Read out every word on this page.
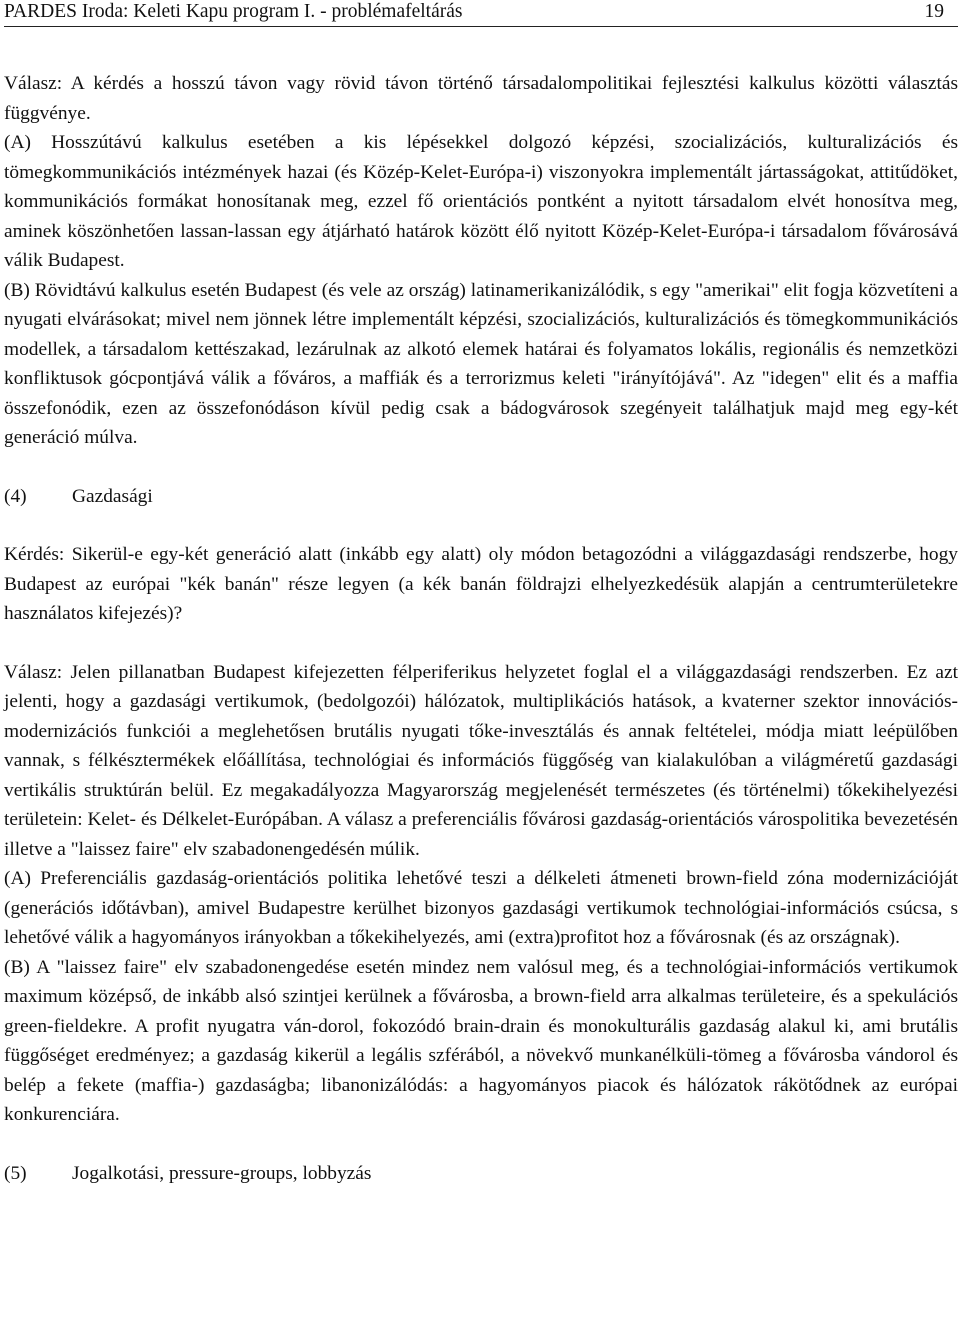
PARDES Iroda: Keleti Kapu program I. - problémafeltárás	19

Válasz: A kérdés a hosszú távon vagy rövid távon történő társadalompolitikai fejlesztési kalkulus közötti választás függvénye.

(A) Hosszútávú kalkulus esetében a kis lépésekkel dolgozó képzési, szocializációs, kulturalizációs és tömegkommunikációs intézmények hazai (és Közép-Kelet-Európa-i) viszonyokra implementált jártasságokat, attitűdöket, kommunikációs formákat honosítanak meg, ezzel fő orientációs pontként a nyitott társadalom elvét honosítva meg, aminek köszönhetően lassan-lassan egy átjárható határok között élő nyitott Közép-Kelet-Európa-i társadalom fővárosává válik Budapest.

(B) Rövidtávú kalkulus esetén Budapest (és vele az ország) latinamerikanizálódik, s egy "amerikai" elit fogja közvetíteni a nyugati elvárásokat; mivel nem jönnek létre implementált képzési, szocializációs, kulturalizációs és tömegkommunikációs modellek, a társadalom kettészakad, lezárulnak az alkotó elemek határai és folyamatos lokális, regionális és nemzetközi konfliktusok gócpontjává válik a főváros, a maffiák és a terrorizmus keleti "irányítójává". Az "idegen" elit és a maffia összefonódik, ezen az összefonódáson kívül pedig csak a bádogvárosok szegényeit találhatjuk majd meg egy-két generáció múlva.

(4) Gazdasági

Kérdés: Sikerül-e egy-két generáció alatt (inkább egy alatt) oly módon betagozódni a világgazdasági rendszerbe, hogy Budapest az európai "kék banán" része legyen (a kék banán földrajzi elhelyezkedésük alapján a centrumterületekre használatos kifejezés)?

Válasz: Jelen pillanatban Budapest kifejezetten félperiferikus helyzetet foglal el a világgazdasági rendszerben. Ez azt jelenti, hogy a gazdasági vertikumok, (bedolgozói) hálózatok, multiplikációs hatások, a kvaterner szektor innovációs-modernizációs funkciói a meglehetősen brutális nyugati tőke-invesztálás és annak feltételei, módja miatt leépülőben vannak, s félkésztermékek előállítása, technológiai és információs függőség van kialakulóban a világméretű gazdasági vertikális struktúrán belül. Ez megakadályozza Magyarország megjelenését természetes (és történelmi) tőkekihelyezési területein: Kelet- és Délkelet-Európában. A válasz a preferenciális fővárosi gazdaság-orientációs várospolitika bevezetésén illetve a "laissez faire" elv szabadonengedésén múlik.

(A) Preferenciális gazdaság-orientációs politika lehetővé teszi a délkeleti átmeneti brown-field zóna modernizációját (generációs időtávban), amivel Budapestre kerülhet bizonyos gazdasági vertikumok technológiai-információs csúcsa, s lehetővé válik a hagyományos irányokban a tőkekihelyezés, ami (extra)profitot hoz a fővárosnak (és az országnak).

(B) A "laissez faire" elv szabadonengedése esetén mindez nem valósul meg, és a technológiai-információs vertikumok maximum középső, de inkább alsó szintjei kerülnek a fővárosba, a brown-field arra alkalmas területeire, és a spekulációs green-fieldekre. A profit nyugatra ván-dorol, fokozódó brain-drain és monokulturális gazdaság alakul ki, ami brutális függőséget eredményez; a gazdaság kikerül a legális szférából, a növekvő munkanélküli-tömeg a fővárosba vándorol és belép a fekete (maffia-) gazdaságba; libanonizálódás: a hagyományos piacok és hálózatok rákötődnek az európai konkurenciára.

(5) Jogalkotási, pressure-groups, lobbyzás
